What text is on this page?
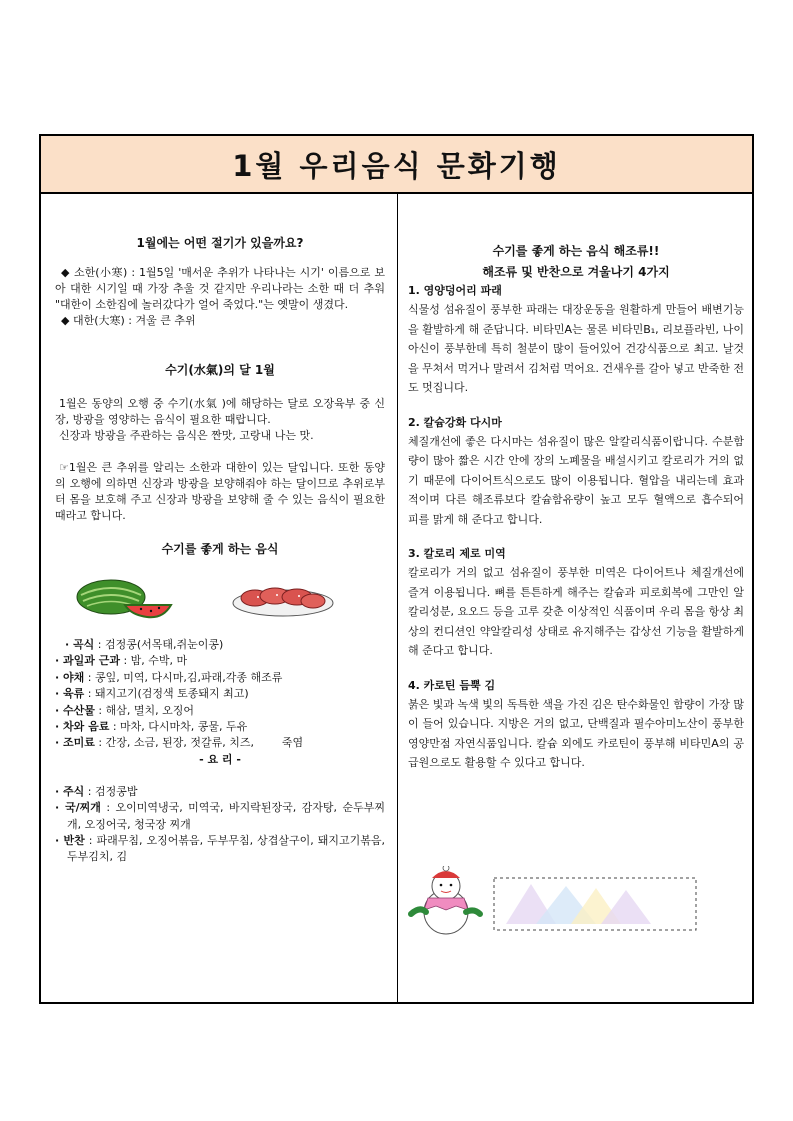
1월 우리음식 문화기행
1월에는 어떤 절기가 있을까요?
◆ 소한(小寒) : 1월5일 '매서운 추위가 나타나는 시기' 이름으로 보아 대한 시기일 때 가장 추울 것 같지만 우리나라는 소한 때 더 추워 "대한이 소한집에 놀러갔다가 얼어 죽었다."는 옛말이 생겼다.
◆ 대한(大寒) : 겨울 큰 추위
수기(水氣)의 달 1월
1월은 동양의 오행 중 수기(水氣 )에 해당하는 달로 오장육부 중 신장, 방광을 영양하는 음식이 필요한 때랍니다.
신장과 방광을 주관하는 음식은 짠맛, 고랑내 나는 맛.
☞1월은 큰 추위를 알리는 소한과 대한이 있는 달입니다. 또한 동양의 오행에 의하면 신장과 방광을 보양해줘야 하는 달이므로 추위로부터 몸을 보호해 주고 신장과 방광을 보양해 줄 수 있는 음식이 필요한 때라고 합니다.
수기를 좋게 하는 음식
· 곡식 : 검정콩(서목태,쥐눈이콩)
· 과일과 근과 : 밤, 수박, 마
· 야채 : 콩잎, 미역, 다시마,김,파래,각종 해조류
· 육류 : 돼지고기(검정색 토종돼지 최고)
· 수산물 : 해삼, 멸치, 오징어
· 차와 음료 : 마차, 다시마차, 콩물, 두유
· 조미료 : 간장, 소금, 된장, 젓갈류, 치즈,        죽염
- 요 리 -
· 주식 : 검정콩밥
· 국/찌개 : 오이미역냉국, 미역국, 바지락된장국, 감자탕, 순두부찌개, 오징어국, 청국장 찌개
· 반찬 : 파래무침, 오징어볶음, 두부무침, 상겹살구이, 돼지고기볶음, 두부김치, 김
수기를 좋게 하는 음식 해조류!!
해조류 및 반찬으로 겨울나기 4가지
1. 영양덩어리 파래
식물성 섬유질이 풍부한 파래는 대장운동을 원활하게 만들어 배변기능을 활발하게 해 준답니다. 비타민A는 물론 비타민B₁, 리보플라빈, 나이아신이 풍부한데 특히 철분이 많이 들어있어 건강식품으로 최고. 날것을 무쳐서 먹거나 말려서 김처럼 먹어요. 건새우를 갈아 넣고 반죽한 전도 멋집니다.
2. 칼슘강화 다시마
체질개선에 좋은 다시마는 섬유질이 많은 알칼리식품이랍니다. 수분함량이 많아 짧은 시간 안에 장의 노폐물을 배설시키고 칼로리가 거의 없기 때문에 다이어트식으로도 많이 이용됩니다. 혈압을 내리는데 효과적이며 다른 해조류보다 칼슘함유량이 높고 모두 혈액으로 흡수되어 피를 맑게 해 준다고 합니다.
3. 칼로리 제로 미역
칼로리가 거의 없고 섬유질이 풍부한 미역은 다이어트나 체질개선에 즐겨 이용됩니다. 뼈를 튼튼하게 해주는 칼슘과 피로회복에 그만인 알칼리성분, 요오드 등을 고루 갖춘 이상적인 식품이며 우리 몸을 항상 최상의 컨디션인 약알칼리성 상태로 유지해주는 갑상선 기능을 활발하게 해 준다고 합니다.
4. 카로틴 듬뿍 김
붉은 빛과 녹색 빛의 독특한 색을 가진 김은 탄수화물인 함량이 가장 많이 들어 있습니다. 지방은 거의 없고, 단백질과 필수아미노산이 풍부한 영양만점 자연식품입니다. 칼슘 외에도 카로틴이 풍부해 비타민A의 공급원으로도 활용할 수 있다고 합니다.
